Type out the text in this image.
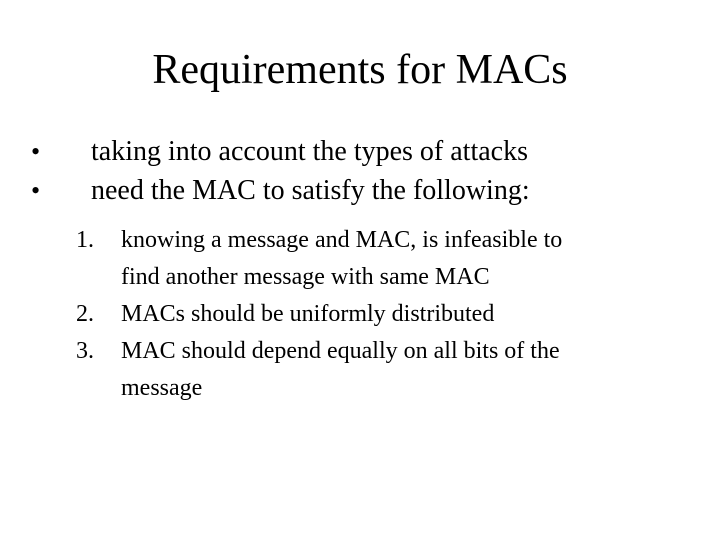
Requirements for MACs
• taking into account the types of attacks
• need the MAC to satisfy the following:
1. knowing a message and MAC, is infeasible to
find another message with same MAC
2. MACs should be uniformly distributed
3. MAC should depend equally on all bits of the
message
